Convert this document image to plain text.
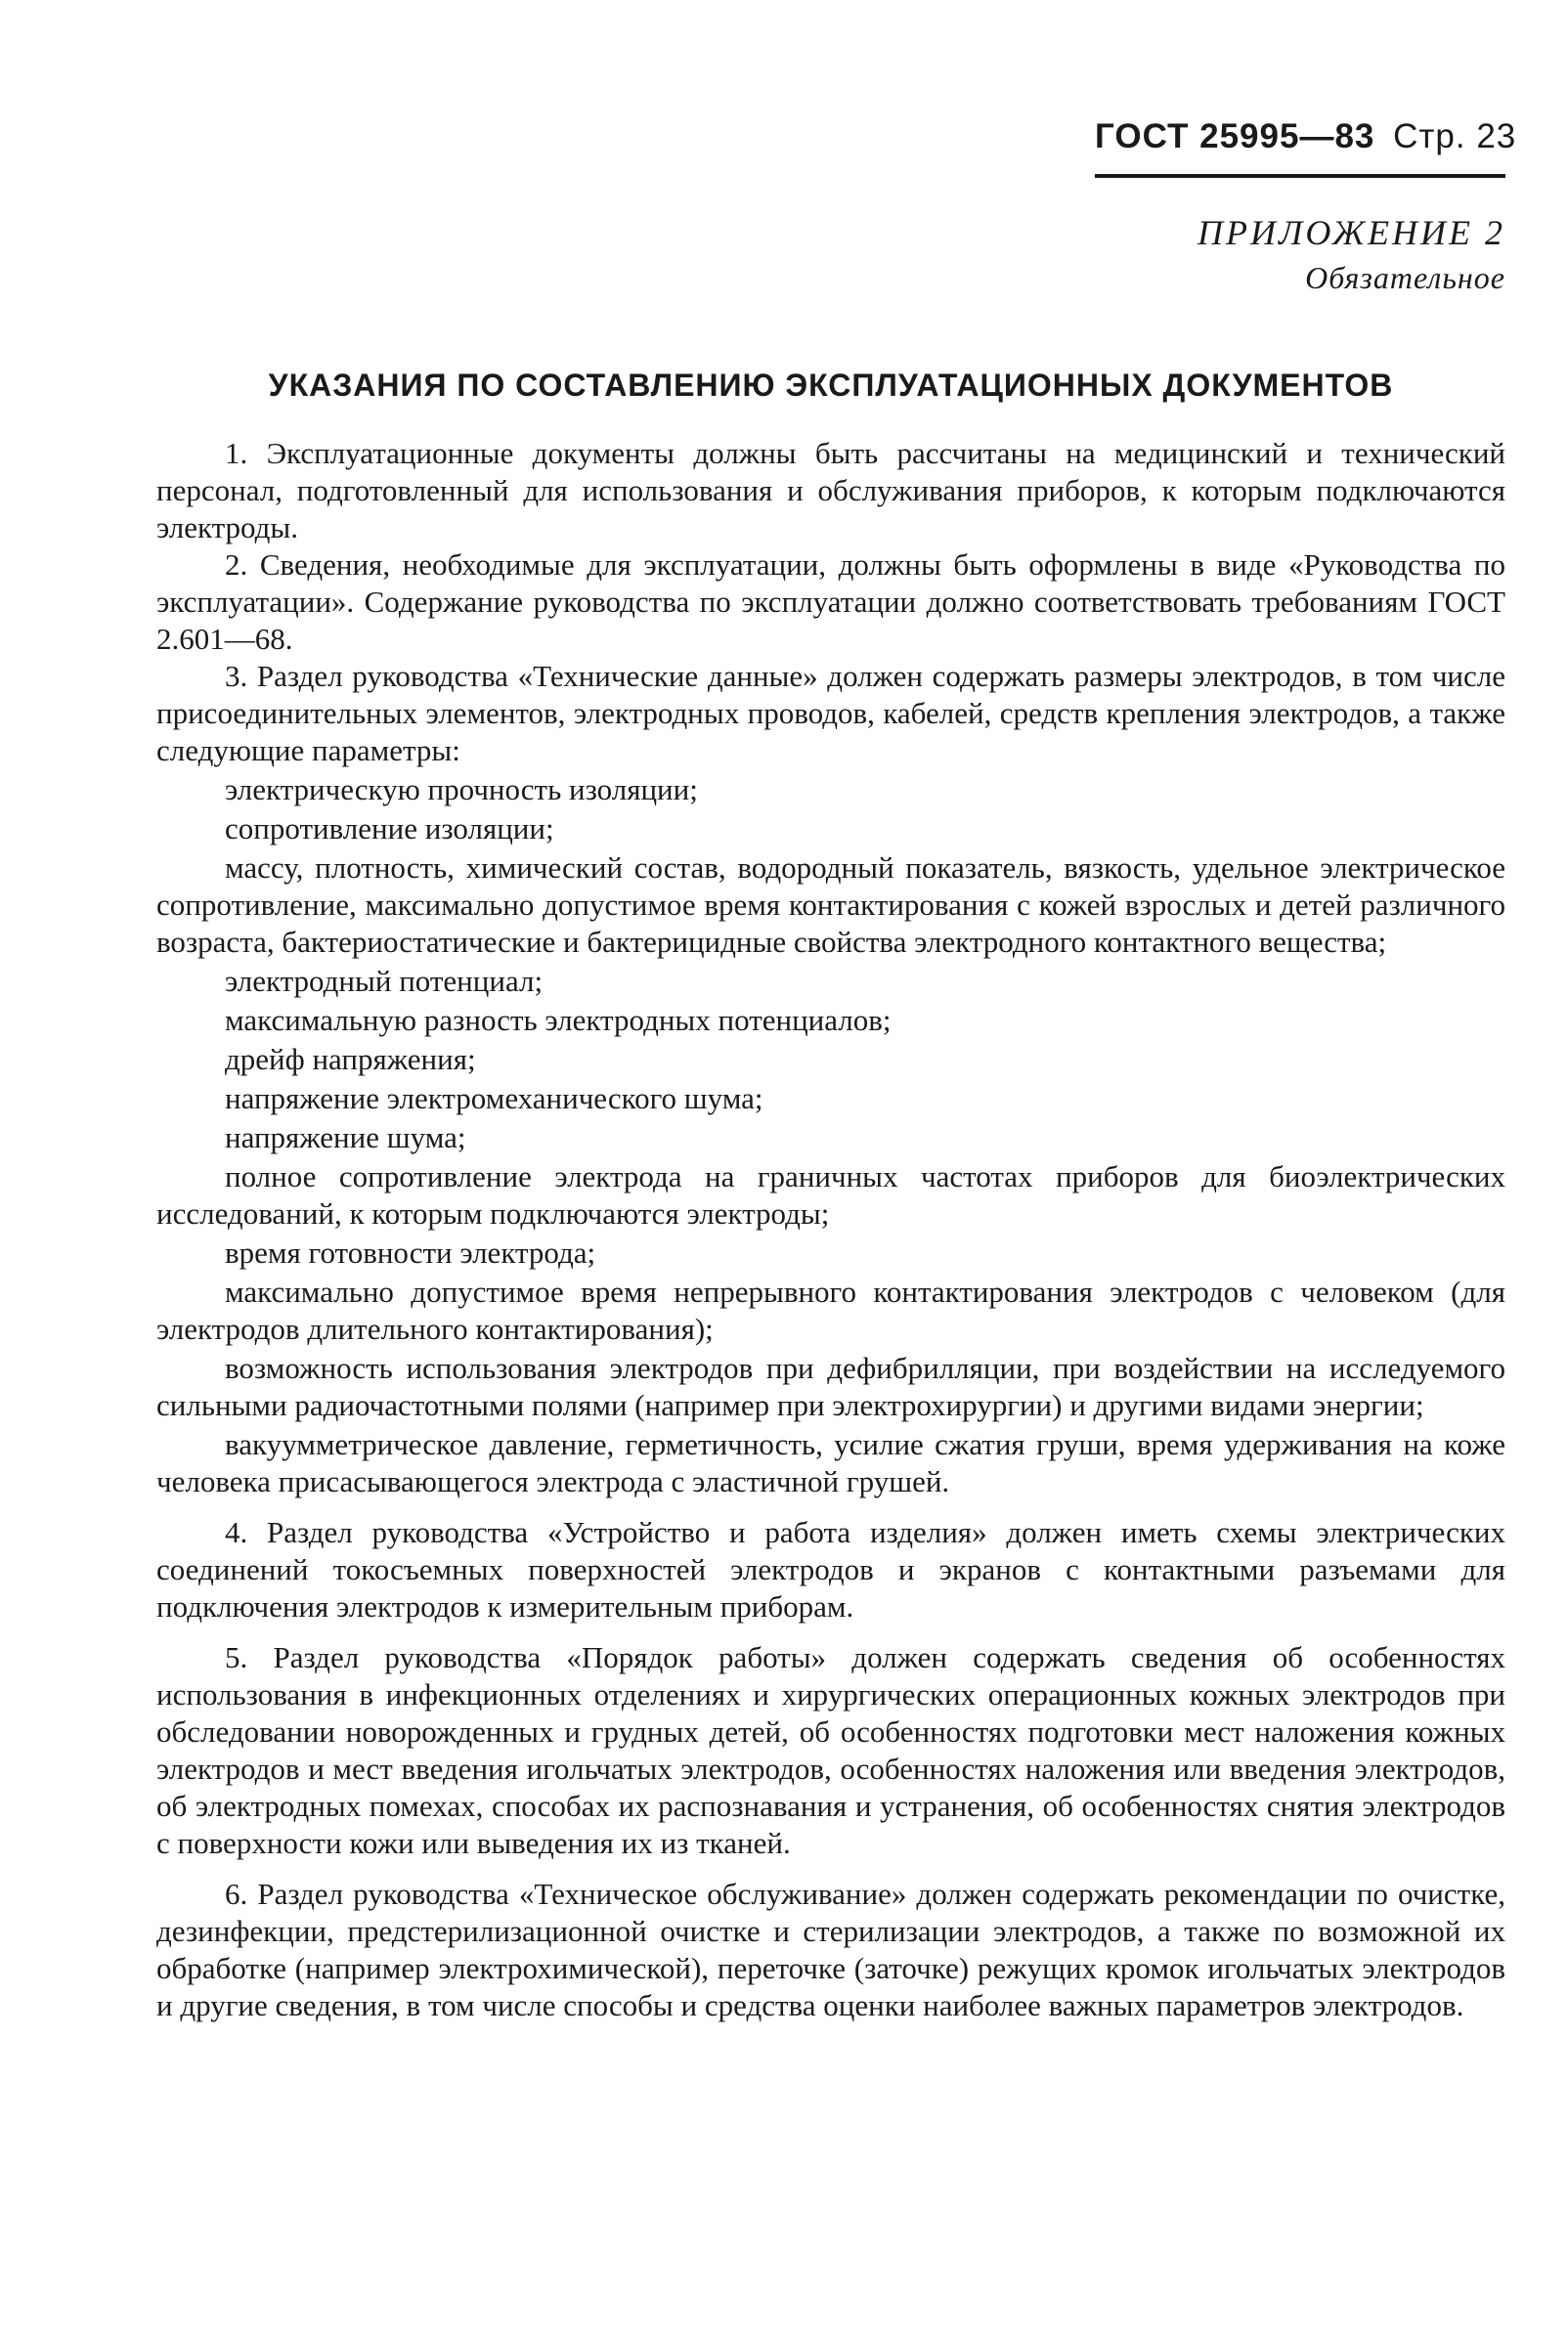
ГОСТ 25995—83 Стр. 23
ПРИЛОЖЕНИЕ 2
Обязательное
УКАЗАНИЯ ПО СОСТАВЛЕНИЮ ЭКСПЛУАТАЦИОННЫХ ДОКУМЕНТОВ

1. Эксплуатационные документы должны быть рассчитаны на медицинский и технический персонал, подготовленный для использования и обслуживания приборов, к которым подключаются электроды.

2. Сведения, необходимые для эксплуатации, должны быть оформлены в виде «Руководства по эксплуатации». Содержание руководства по эксплуатации должно соответствовать требованиям ГОСТ 2.601—68.

3. Раздел руководства «Технические данные» должен содержать размеры электродов, в том числе присоединительных элементов, электродных проводов, кабелей, средств крепления электродов, а также следующие параметры:

электрическую прочность изоляции;

сопротивление изоляции;

массу, плотность, химический состав, водородный показатель, вязкость, удельное электрическое сопротивление, максимально допустимое время контактирования с кожей взрослых и детей различного возраста, бактериостатические и бактерицидные свойства электродного контактного вещества;

электродный потенциал;

максимальную разность электродных потенциалов;

дрейф напряжения;

напряжение электромеханического шума;

напряжение шума;

полное сопротивление электрода на граничных частотах приборов для биоэлектрических исследований, к которым подключаются электроды;

время готовности электрода;

максимально допустимое время непрерывного контактирования электродов с человеком (для электродов длительного контактирования);

возможность использования электродов при дефибрилляции, при воздействии на исследуемого сильными радиочастотными полями (например при электрохирургии) и другими видами энергии;

вакуумметрическое давление, герметичность, усилие сжатия груши, время удерживания на коже человека присасывающегося электрода с эластичной грушей.

4. Раздел руководства «Устройство и работа изделия» должен иметь схемы электрических соединений токосъемных поверхностей электродов и экранов с контактными разъемами для подключения электродов к измерительным приборам.

5. Раздел руководства «Порядок работы» должен содержать сведения об особенностях использования в инфекционных отделениях и хирургических операционных кожных электродов при обследовании новорожденных и грудных детей, об особенностях подготовки мест наложения кожных электродов и мест введения игольчатых электродов, особенностях наложения или введения электродов, об электродных помехах, способах их распознавания и устранения, об особенностях снятия электродов с поверхности кожи или выведения их из тканей.

6. Раздел руководства «Техническое обслуживание» должен содержать рекомендации по очистке, дезинфекции, предстерилизационной очистке и стерилизации электродов, а также по возможной их обработке (например электрохимической), переточке (заточке) режущих кромок игольчатых электродов и другие сведения, в том числе способы и средства оценки наиболее важных параметров электродов.
